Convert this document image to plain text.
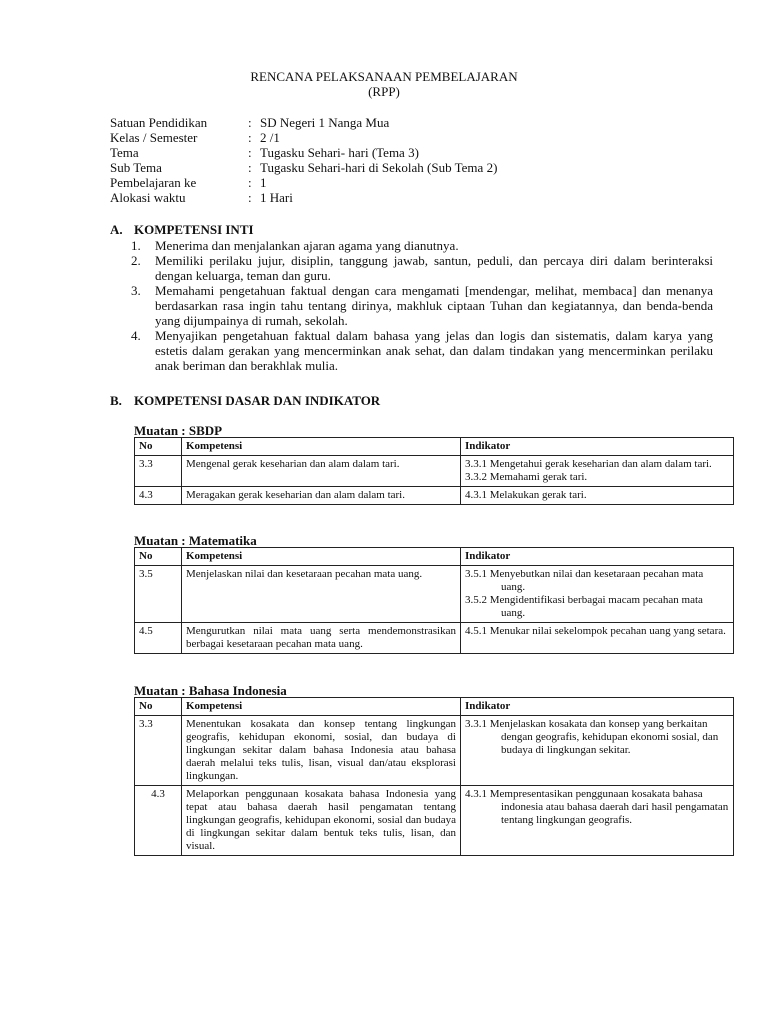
RENCANA PELAKSANAAN PEMBELAJARAN
(RPP)
Satuan Pendidikan	: SD Negeri 1 Nanga Mua
Kelas / Semester	: 2 /1
Tema	: Tugasku Sehari- hari (Tema 3)
Sub Tema	: Tugasku Sehari-hari di Sekolah (Sub Tema 2)
Pembelajaran ke	: 1
Alokasi waktu	: 1 Hari
A. KOMPETENSI INTI
1. Menerima dan menjalankan ajaran agama yang dianutnya.
2. Memiliki perilaku jujur, disiplin, tanggung jawab, santun, peduli, dan percaya diri dalam berinteraksi dengan keluarga, teman dan guru.
3. Memahami pengetahuan faktual dengan cara mengamati [mendengar, melihat, membaca] dan menanya berdasarkan rasa ingin tahu tentang dirinya, makhluk ciptaan Tuhan dan kegiatannya, dan benda-benda yang dijumpainya di rumah, sekolah.
4. Menyajikan pengetahuan faktual dalam bahasa yang jelas dan logis dan sistematis, dalam karya yang estetis dalam gerakan yang mencerminkan anak sehat, dan dalam tindakan yang mencerminkan perilaku anak beriman dan berakhlak mulia.
B. KOMPETENSI DASAR DAN INDIKATOR
Muatan : SBDP
No	Kompetensi	Indikator
3.3	Mengenal gerak keseharian dan alam dalam tari.	3.3.1 Mengetahui gerak keseharian dan alam dalam tari.
3.3.2 Memahami gerak tari.

4.3	Meragakan gerak keseharian dan alam dalam tari.	4.3.1 Melakukan gerak tari.
Muatan : Matematika
No	Kompetensi	Indikator
3.5	Menjelaskan nilai dan kesetaraan pecahan mata uang.	3.5.1 Menyebutkan nilai dan kesetaraan pecahan mata uang.
3.5.2 Mengidentifikasi berbagai macam pecahan mata uang.

4.5	Mengurutkan nilai mata uang serta mendemonstrasikan berbagai kesetaraan pecahan mata uang.	4.5.1 Menukar nilai sekelompok pecahan uang yang setara.
Muatan : Bahasa Indonesia
No	Kompetensi	Indikator
3.3	Menentukan kosakata dan konsep tentang lingkungan geografis, kehidupan ekonomi, sosial, dan budaya di lingkungan sekitar dalam bahasa Indonesia atau bahasa daerah melalui teks tulis, lisan, visual dan/atau eksplorasi lingkungan.	3.3.1 Menjelaskan kosakata dan konsep yang berkaitan dengan geografis, kehidupan ekonomi sosial, dan budaya di lingkungan sekitar.

4.3	Melaporkan penggunaan kosakata bahasa Indonesia yang tepat atau bahasa daerah hasil pengamatan tentang lingkungan geografis, kehidupan ekonomi, sosial dan budaya di lingkungan sekitar dalam bentuk teks tulis, lisan, dan visual.	4.3.1 Mempresentasikan penggunaan kosakata bahasa indonesia atau bahasa daerah dari hasil pengamatan tentang lingkungan geografis.
